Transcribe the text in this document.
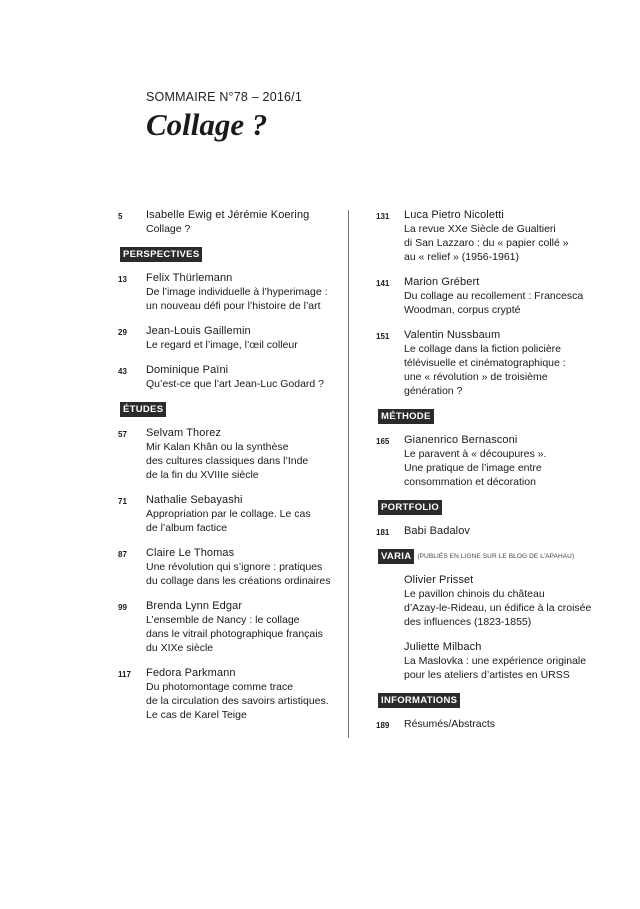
SOMMAIRE N°78 – 2016/1
Collage ?
5 Isabelle Ewig et Jérémie Koering
Collage ?
PERSPECTIVES
13 Felix Thürlemann
De l’image individuelle à l’hyperimage :
un nouveau défi pour l’histoire de l’art
29 Jean-Louis Gaillemin
Le regard et l’image, l’œil colleur
43 Dominique Païni
Qu’est-ce que l’art Jean-Luc Godard ?
ÉTUDES
57 Selvam Thorez
Mir Kalan Khân ou la synthèse
des cultures classiques dans l’Inde
de la fin du XVIIIe siècle
71 Nathalie Sebayashi
Appropriation par le collage. Le cas
de l’album factice
87 Claire Le Thomas
Une révolution qui s’ignore : pratiques
du collage dans les créations ordinaires
99 Brenda Lynn Edgar
L’ensemble de Nancy : le collage
dans le vitrail photographique français
du XIXe siècle
117 Fedora Parkmann
Du photomontage comme trace
de la circulation des savoirs artistiques.
Le cas de Karel Teige
131 Luca Pietro Nicoletti
La revue XXe Siècle de Gualtieri
di San Lazzaro : du « papier collé »
au « relief » (1956-1961)
141 Marion Grébert
Du collage au recollement : Francesca
Woodman, corpus crypté
151 Valentin Nussbaum
Le collage dans la fiction policière
télévisuelle et cinématographique :
une « révolution » de troisième
génération ?
MÉTHODE
165 Gianenrico Bernasconi
Le paravent à « découpures ».
Une pratique de l’image entre
consommation et décoration
PORTFOLIO
181 Babi Badalov
VARIA (PUBLIÉS EN LIGNE SUR LE BLOG DE L’APAHAU)
Olivier Prisset
Le pavillon chinois du château
d’Azay-le-Rideau, un édifice à la croisée
des influences (1823-1855)
Juliette Milbach
La Maslovka : une expérience originale
pour les ateliers d’artistes en URSS
INFORMATIONS
189 Résumés/Abstracts
